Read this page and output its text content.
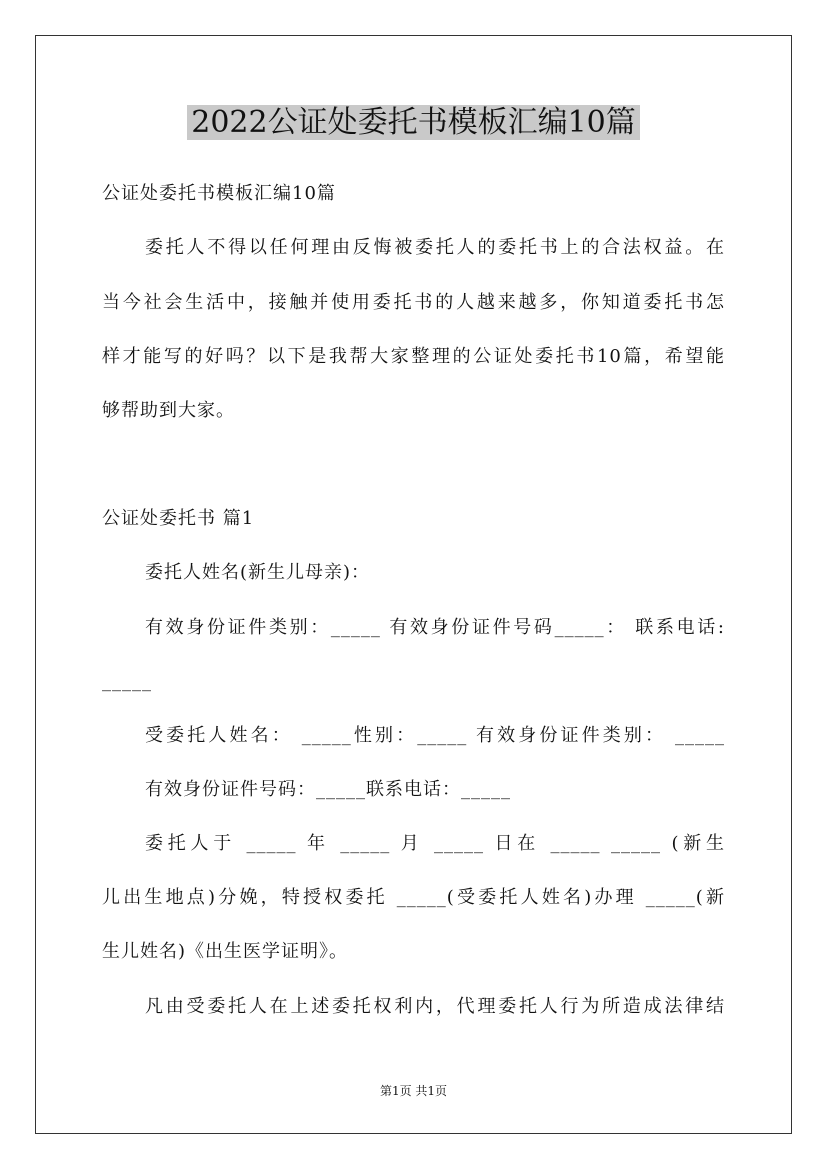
2022公证处委托书模板汇编10篇
公证处委托书模板汇编10篇
委托人不得以任何理由反悔被委托人的委托书上的合法权益。在
当今社会生活中，接触并使用委托书的人越来越多，你知道委托书怎
样才能写的好吗？以下是我帮大家整理的公证处委托书10篇，希望能
够帮助到大家。
公证处委托书 篇1
委托人姓名(新生儿母亲)：
有效身份证件类别：_____ 有效身份证件号码_____： 联系电话:
_____
受委托人姓名： _____性别：_____ 有效身份证件类别： _____
有效身份证件号码：_____联系电话：_____
委托人于 _____ 年 _____ 月 _____ 日在 _____ _____ (新生
儿出生地点)分娩，特授权委托 _____(受委托人姓名)办理 _____(新
生儿姓名)《出生医学证明》。
凡由受委托人在上述委托权利内，代理委托人行为所造成法律结
第1页 共1页
